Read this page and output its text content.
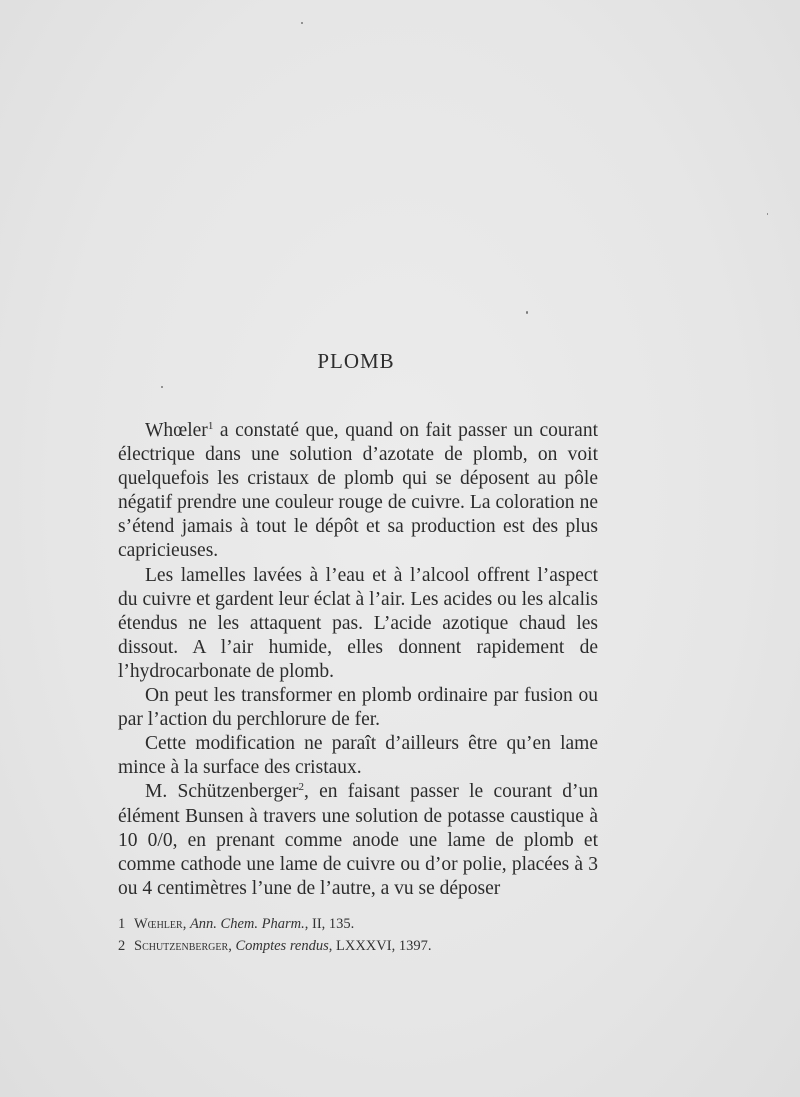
PLOMB

Whœler$^1$ a constaté que, quand on fait passer un courant électrique dans une solution d’azotate de plomb, on voit quelquefois les cristaux de plomb qui se déposent au pôle négatif prendre une couleur rouge de cuivre. La coloration ne s’étend jamais à tout le dépôt et sa production est des plus capricieuses.

Les lamelles lavées à l’eau et à l’alcool offrent l’aspect du cuivre et gardent leur éclat à l’air. Les acides ou les alcalis étendus ne les attaquent pas. L’acide azotique chaud les dissout. A l’air humide, elles donnent rapidement de l’hydrocarbonate de plomb.

On peut les transformer en plomb ordinaire par fusion ou par l’action du perchlorure de fer.

Cette modification ne paraît d’ailleurs être qu’en lame mince à la surface des cristaux.

M. Schützenberger$^2$, en faisant passer le courant d’un élément Bunsen à travers une solution de potasse caustique à 10 0/0, en prenant comme anode une lame de plomb et comme cathode une lame de cuivre ou d’or polie, placées à 3 ou 4 centimètres l’une de l’autre, a vu se déposer

1 Wœhler, Ann. Chem. Pharm., II, 135.
2 Schutzenberger, Comptes rendus, LXXXVI, 1397.
